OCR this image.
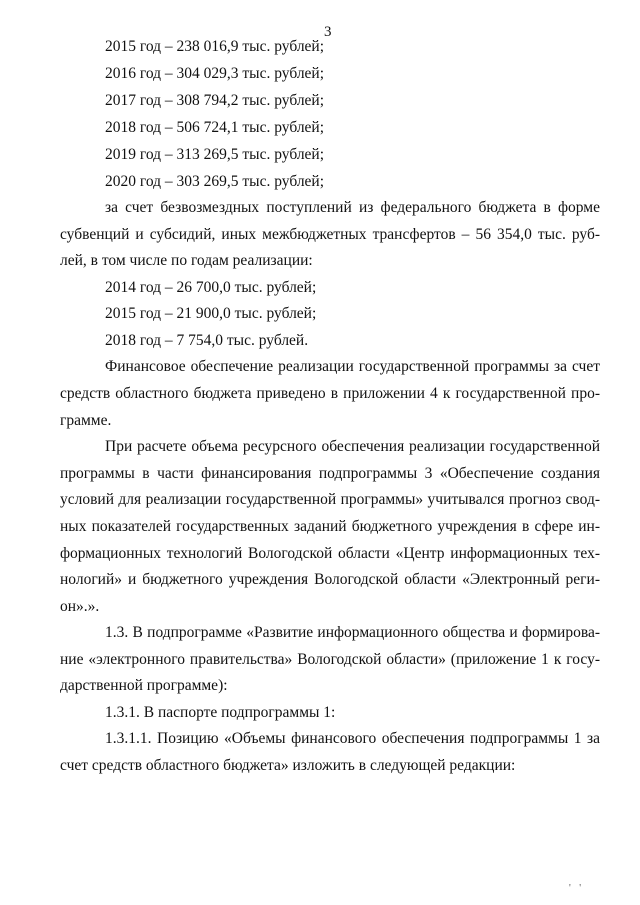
3
2015 год – 238 016,9 тыс. рублей;
2016 год – 304 029,3 тыс. рублей;
2017 год – 308 794,2 тыс. рублей;
2018 год – 506 724,1 тыс. рублей;
2019 год – 313 269,5 тыс. рублей;
2020 год – 303 269,5 тыс. рублей;
за счет безвозмездных поступлений из федерального бюджета в форме
субвенций и субсидий, иных межбюджетных трансфертов – 56 354,0 тыс. руб-
лей, в том числе по годам реализации:
2014 год – 26 700,0 тыс. рублей;
2015 год – 21 900,0 тыс. рублей;
2018 год – 7 754,0 тыс. рублей.
Финансовое обеспечение реализации государственной программы за счет
средств областного бюджета приведено в приложении 4 к государственной про-
грамме.
При расчете объема ресурсного обеспечения реализации государственной
программы в части финансирования подпрограммы 3 «Обеспечение создания
условий для реализации государственной программы» учитывался прогноз свод-
ных показателей государственных заданий бюджетного учреждения в сфере ин-
формационных технологий Вологодской области «Центр информационных тех-
нологий» и бюджетного учреждения Вологодской области «Электронный реги-
он».».
1.3. В подпрограмме «Развитие информационного общества и формирова-
ние «электронного правительства» Вологодской области» (приложение 1 к госу-
дарственной программе):
1.3.1. В паспорте подпрограммы 1:
1.3.1.1. Позицию «Объемы финансового обеспечения подпрограммы 1 за
счет средств областного бюджета» изложить в следующей редакции:
' '
